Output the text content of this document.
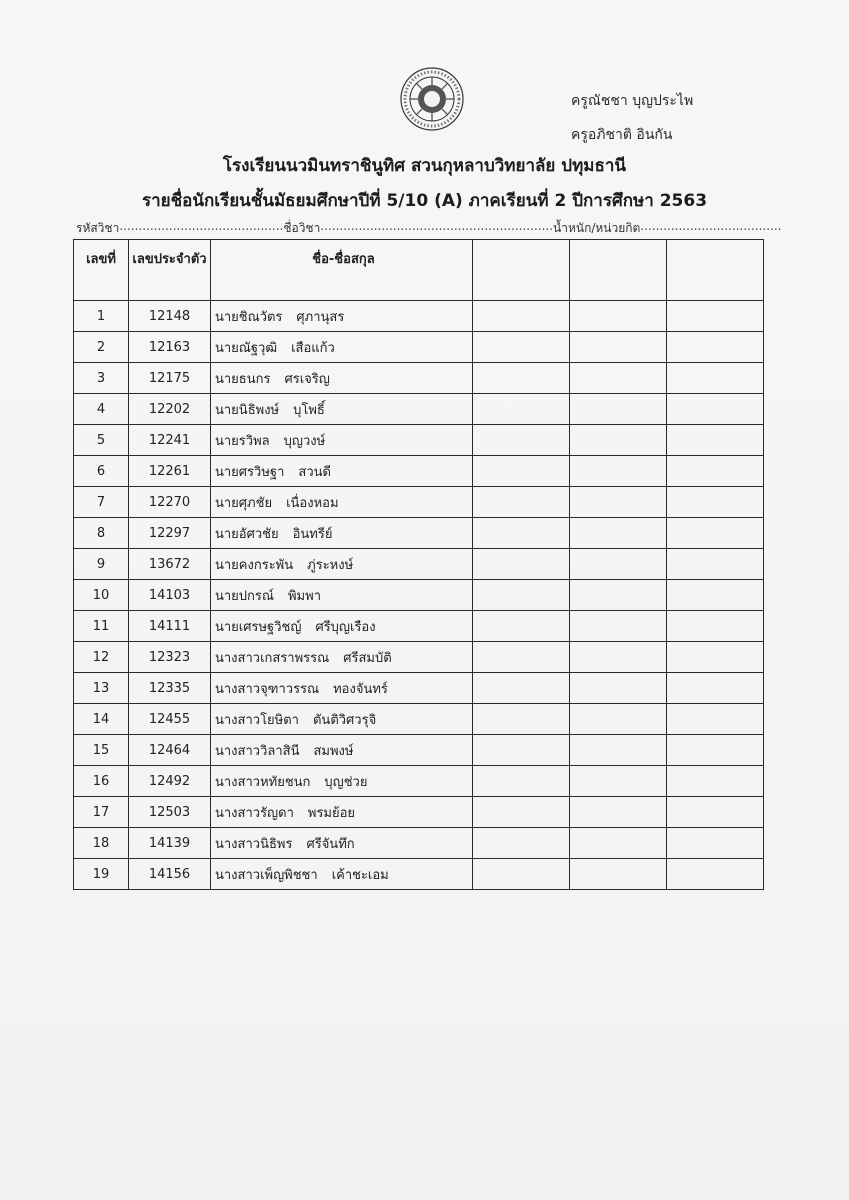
ครูณัชชา บุญประไพ
ครูอภิชาติ อินกัน
โรงเรียนนวมินทราชินูทิศ สวนกุหลาบวิทยาลัย ปทุมธานี
รายชื่อนักเรียนชั้นมัธยมศึกษาปีที่ 5/10 (A) ภาคเรียนที่ 2 ปีการศึกษา 2563
รหัสวิชา ........................................... ชื่อวิชา ............................................................. น้ำหนัก/หน่วยกิต .....................................
เลขที่	เลขประจำตัว	ชื่อ-ชื่อสกุล			
1	12148	นายชิณวัตร ศุภานุสร			
2	12163	นายณัฐวุฒิ เสือแก้ว			
3	12175	นายธนกร ศรเจริญ			
4	12202	นายนิธิพงษ์ บุโพธิ์			
5	12241	นายรวิพล บุญวงษ์			
6	12261	นายศรวิษฐา สวนดี			
7	12270	นายศุภชัย เนื่องหอม			
8	12297	นายอัศวชัย อินทรีย์			
9	13672	นายคงกระพัน ภู่ระหงษ์			
10	14103	นายปกรณ์ พิมพา			
11	14111	นายเศรษฐวิชญ์ ศรีบุญเรือง			
12	12323	นางสาวเกสราพรรณ ศรีสมบัติ			
13	12335	นางสาวจุฑาวรรณ ทองจันทร์			
14	12455	นางสาวโยษิตา ตันติวิศวรุจิ			
15	12464	นางสาววิลาสินี สมพงษ์			
16	12492	นางสาวหทัยชนก บุญช่วย			
17	12503	นางสาวรัญดา พรมย้อย			
18	14139	นางสาวนิธิพร ศรีจันทึก			
19	14156	นางสาวเพ็ญพิชชา เค้าชะเอม			
